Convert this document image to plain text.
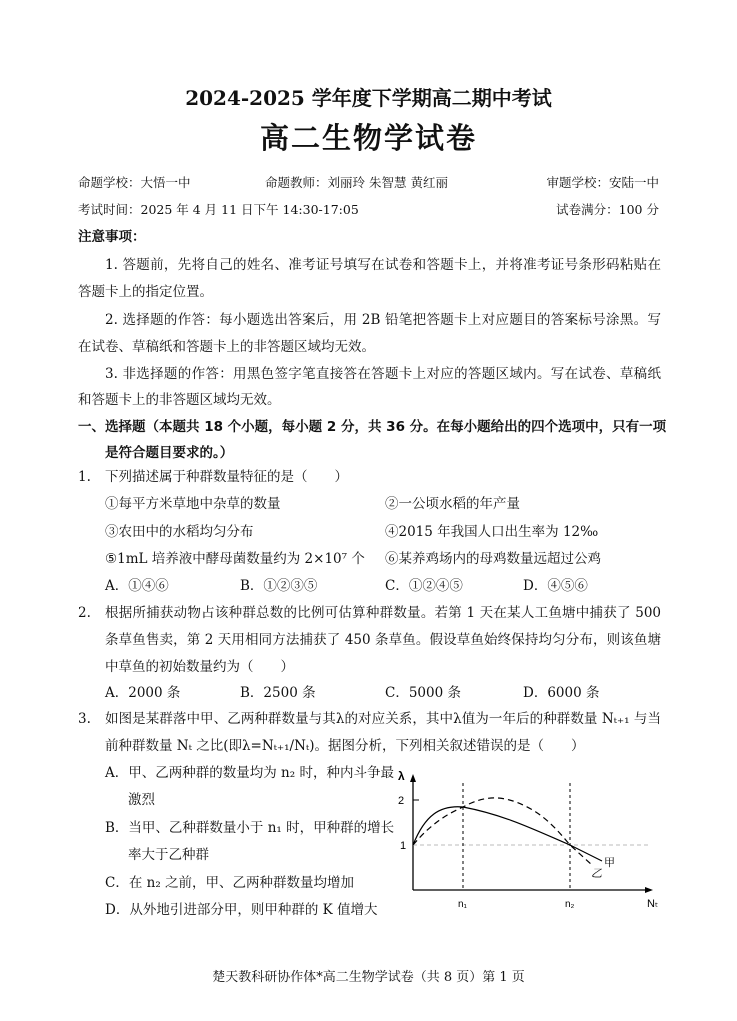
2024-2025 学年度下学期高二期中考试
高二生物学试卷
命题学校：大悟一中	命题教师：刘丽玲 朱智慧 黄红丽	审题学校：安陆一中
考试时间：2025 年 4 月 11 日下午 14:30-17:05	试卷满分：100 分
注意事项：
1. 答题前，先将自己的姓名、准考证号填写在试卷和答题卡上，并将准考证号条形码粘贴在
答题卡上的指定位置。
2. 选择题的作答：每小题选出答案后，用 2B 铅笔把答题卡上对应题目的答案标号涂黑。写
在试卷、草稿纸和答题卡上的非答题区域均无效。
3. 非选择题的作答：用黑色签字笔直接答在答题卡上对应的答题区域内。写在试卷、草稿纸
和答题卡上的非答题区域均无效。
一、选择题（本题共 18 个小题，每小题 2 分，共 36 分。在每小题给出的四个选项中，只有一项
是符合题目要求的。）
1. 下列描述属于种群数量特征的是（　　）
①每平方米草地中杂草的数量	②一公顷水稻的年产量
③农田中的水稻均匀分布	④2015 年我国人口出生率为 12‰
⑤1mL 培养液中酵母菌数量约为 2×10⁷ 个 ⑥某养鸡场内的母鸡数量远超过公鸡
A．①④⑥	B．①②③⑤	C．①②④⑤	D．④⑤⑥
2. 根据所捕获动物占该种群总数的比例可估算种群数量。若第 1 天在某人工鱼塘中捕获了 500
条草鱼售卖，第 2 天用相同方法捕获了 450 条草鱼。假设草鱼始终保持均匀分布，则该鱼塘
中草鱼的初始数量约为（　　）
A．2000 条	B．2500 条	C．5000 条	D．6000 条
3. 如图是某群落中甲、乙两种群数量与其λ的对应关系，其中λ值为一年后的种群数量 Nₜ₊₁ 与当
前种群数量 Nₜ 之比(即λ=Nₜ₊₁/Nₜ)。据图分析，下列相关叙述错误的是（　　）
A．甲、乙两种群的数量均为 n₂ 时，种内斗争最
激烈
B．当甲、乙种群数量小于 n₁ 时，甲种群的增长
率大于乙种群
C．在 n₂ 之前，甲、乙两种群数量均增加
D．从外地引进部分甲，则甲种群的 K 值增大
λ
2
1
n₁	n₂	Nₜ
甲
乙
楚天教科研协作体*高二生物学试卷（共 8 页）第 1 页
